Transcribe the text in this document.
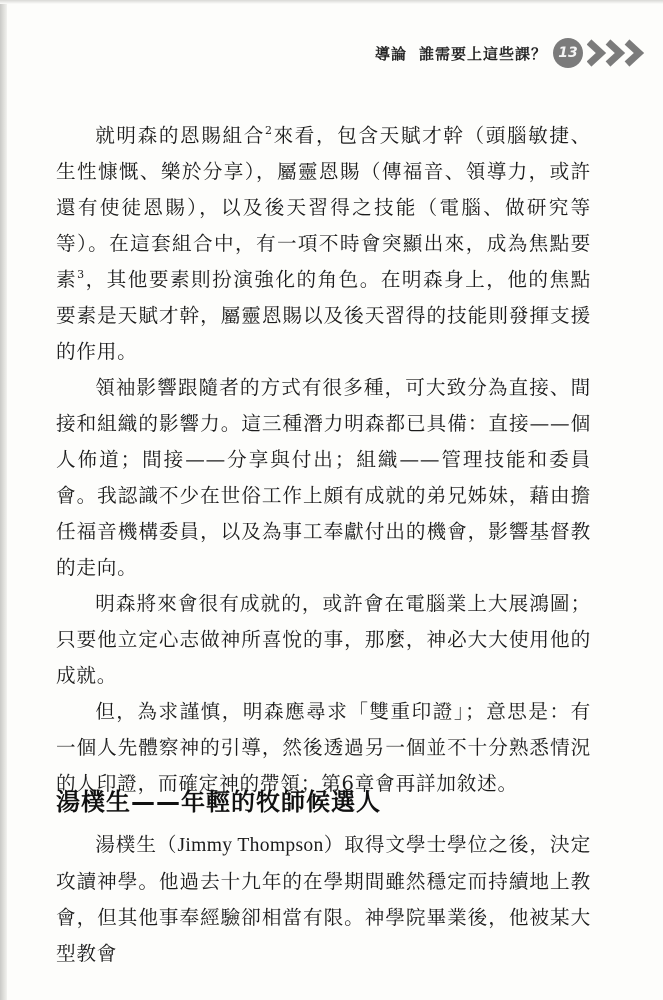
導論 誰需要上這些課？ 13

就明森的恩賜組合$^2$來看，包含天賦才幹（頭腦敏捷、生性慷慨、樂於分享），屬靈恩賜（傳福音、領導力，或許還有使徒恩賜），以及後天習得之技能（電腦、做研究等等）。在這套組合中，有一項不時會突顯出來，成為焦點要素$^3$，其他要素則扮演強化的角色。在明森身上，他的焦點要素是天賦才幹，屬靈恩賜以及後天習得的技能則發揮支援的作用。

領袖影響跟隨者的方式有很多種，可大致分為直接、間接和組織的影響力。這三種潛力明森都已具備：直接——個人佈道；間接——分享與付出；組織——管理技能和委員會。我認識不少在世俗工作上頗有成就的弟兄姊妹，藉由擔任福音機構委員，以及為事工奉獻付出的機會，影響基督教的走向。

明森將來會很有成就的，或許會在電腦業上大展鴻圖；只要他立定心志做神所喜悅的事，那麼，神必大大使用他的成就。

但，為求謹慎，明森應尋求「雙重印證」；意思是：有一個人先體察神的引導，然後透過另一個並不十分熟悉情況的人印證，而確定神的帶領；第6章會再詳加敘述。

湯樸生——年輕的牧師候選人

湯樸生（Jimmy Thompson）取得文學士學位之後，決定攻讀神學。他過去十九年的在學期間雖然穩定而持續地上教會，但其他事奉經驗卻相當有限。神學院畢業後，他被某大型教會
